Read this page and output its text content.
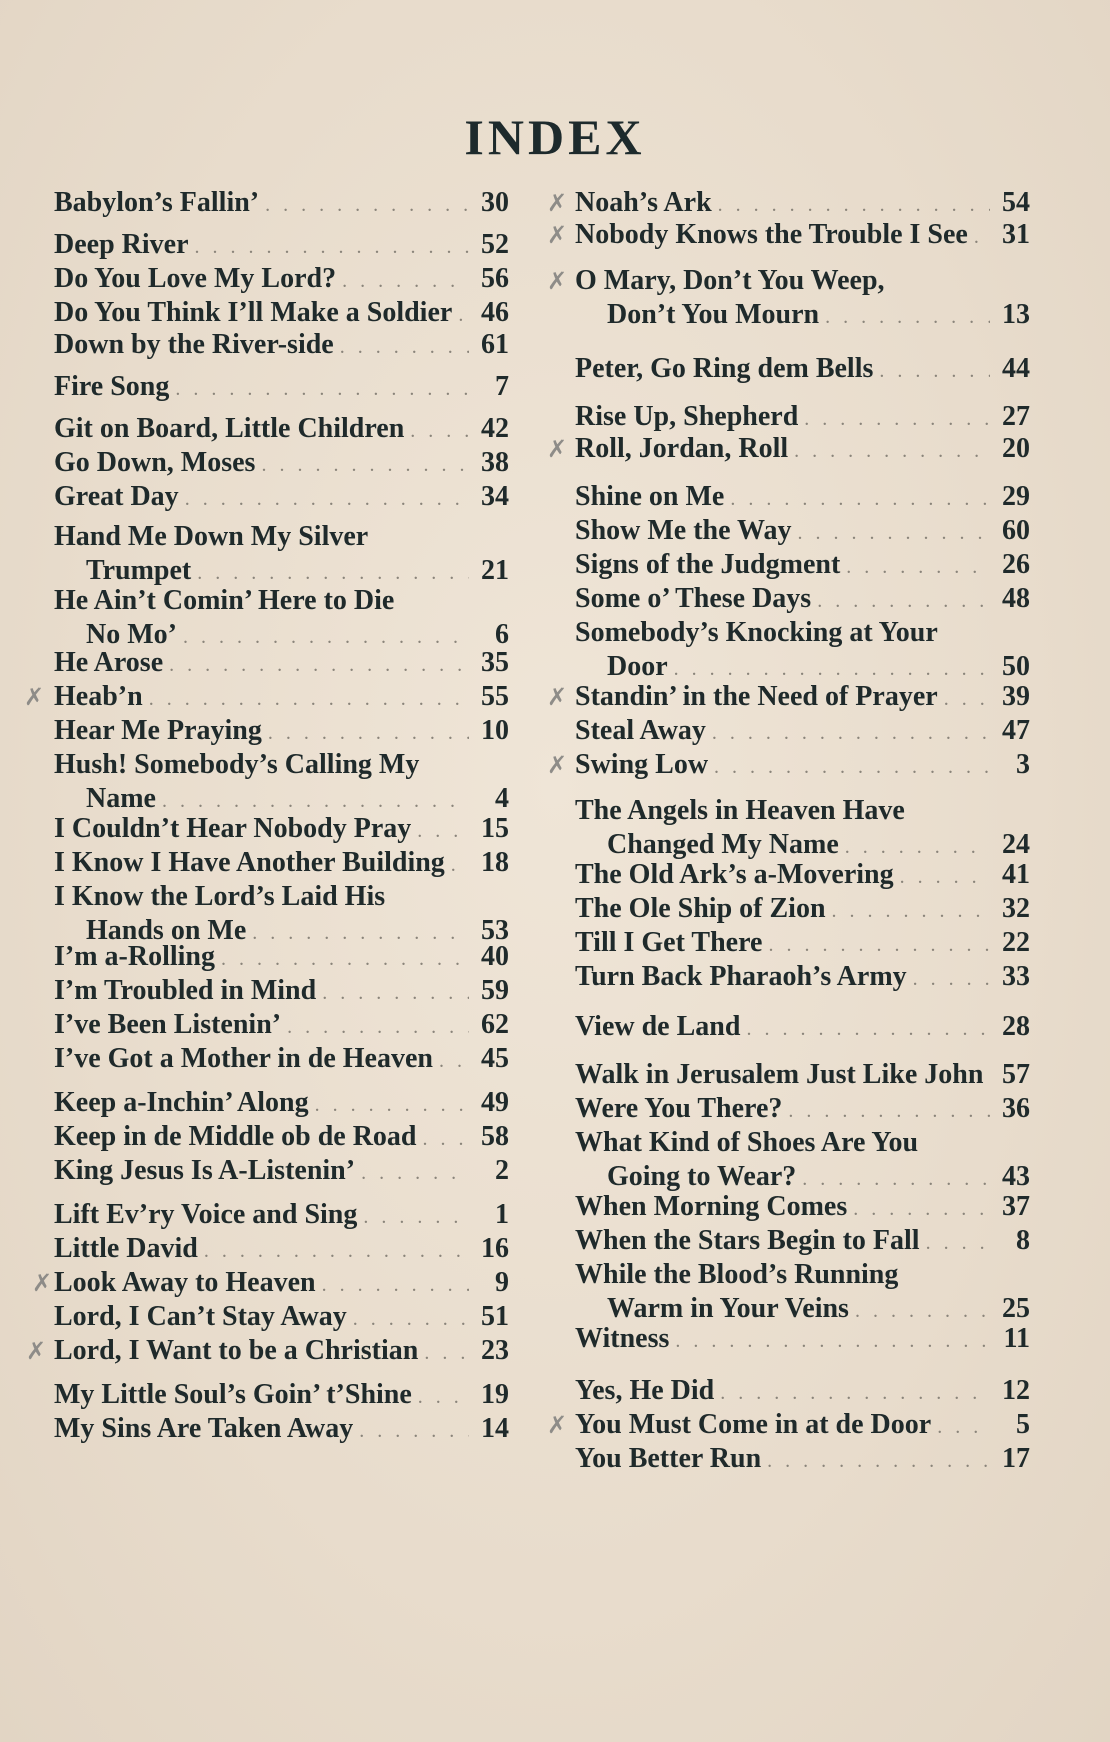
INDEX
Babylon’s Fallin’ . . .	30
Deep River . . .	52
Do You Love My Lord? . . .	56
Do You Think I’ll Make a Soldier . . . 46
Down by the River-side . . .	61
Fire Song . . .	7
Git on Board, Little Children . . .	42
Go Down, Moses . . .	38
Great Day . . .	34
Hand Me Down My Silver
Trumpet . . .	21
He Ain’t Comin’ Here to Die
No Mo’ . . .	6
He Arose . . .	35
Heab’n . . .	55
Hear Me Praying . . .	10
Hush! Somebody’s Calling My
Name . . .	4
I Couldn’t Hear Nobody Pray . . . 15
I Know I Have Another Building . . . 18
I Know the Lord’s Laid His
Hands on Me . . .	53
I’m a-Rolling . . .	40
I’m Troubled in Mind . . .	59
I’ve Been Listenin’ . . .	62
I’ve Got a Mother in de Heaven . . . 45
Keep a-Inchin’ Along . . .	49
Keep in de Middle ob de Road . . . 58
King Jesus Is A-Listenin’ . . .	2
Lift Ev’ry Voice and Sing . . .	1
Little David . . .	16
Look Away to Heaven . . .	9
Lord, I Can’t Stay Away . . .	51
Lord, I Want to be a Christian . . . 23
My Little Soul’s Goin’ t’Shine . . . 19
My Sins Are Taken Away . . .	14
✗
✗
✗
Noah’s Ark . . .	54
Nobody Knows the Trouble I See . . . 31
O Mary, Don’t You Weep,
Don’t You Mourn . . .	13
Peter, Go Ring dem Bells . . .	44
Rise Up, Shepherd . . .	27
Roll, Jordan, Roll . . .	20
Shine on Me . . .	29
Show Me the Way . . .	60
Signs of the Judgment . . .	26
Some o’ These Days . . .	48
Somebody’s Knocking at Your
Door . . .	50
Standin’ in the Need of Prayer . . . 39
Steal Away . . .	47
Swing Low . . .	3
The Angels in Heaven Have
Changed My Name . . .	24
The Old Ark’s a-Movering . . .	41
The Ole Ship of Zion . . .	32
Till I Get There . . .	22
Turn Back Pharaoh’s Army . . .	33
View de Land . . .	28
Walk in Jerusalem Just Like John . . . 57
Were You There? . . .	36
What Kind of Shoes Are You
Going to Wear? . . .	43
When Morning Comes . . .	37
When the Stars Begin to Fall . . .	8
While the Blood’s Running
Warm in Your Veins . . .	25
Witness . . .	11
Yes, He Did . . .	12
You Must Come in at de Door . . .	5
You Better Run . . .	17
✗
✗
✗
✗
✗
✗
✗
